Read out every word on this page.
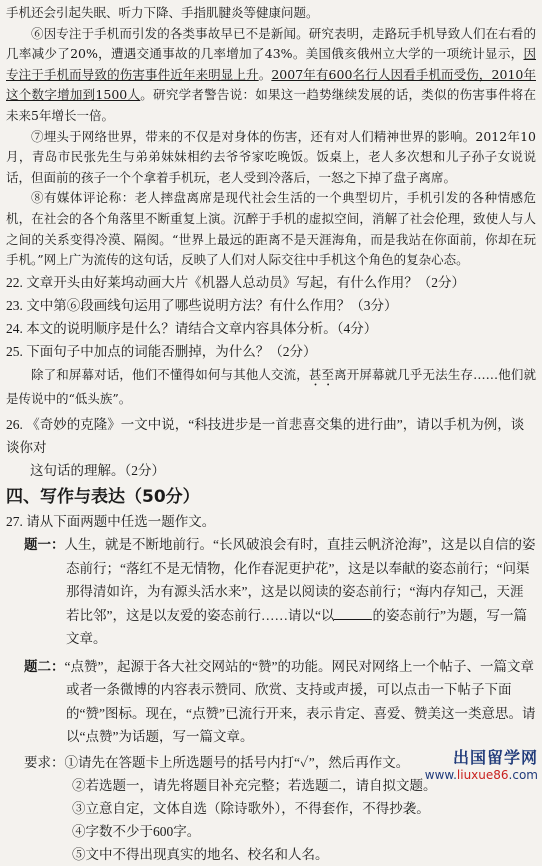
手机还会引起失眠、听力下降、手指肌腱炎等健康问题。

⑥因专注于手机而引发的各类事故早已不是新闻。研究表明，走路玩手机导致人们在右看的几率减少了20%，遭遇交通事故的几率增加了43%。美国俄亥俄州立大学的一项统计显示，因专注于手机而导致的伤害事件近年来明显上升。2007年有600名行人因看手机而受伤，2010年这个数字增加到1500人。研究学者警告说：如果这一趋势继续发展的话，类似的伤害事件将在未来5年增长一倍。

⑦埋头于网络世界，带来的不仅是对身体的伤害，还有对人们精神世界的影响。2012年10月，青岛市民张先生与弟弟妹妹相约去爷爷家吃晚饭。饭桌上，老人多次想和儿子孙子女说说话，但面前的孩子一个个拿着手机玩，老人受到冷落后，一怒之下掉了盘子离席。

⑧有媒体评论称：老人摔盘离席是现代社会生活的一个典型切片，手机引发的各种情感危机，在社会的各个角落里不断重复上演。沉醉于手机的虚拟空间，消解了社会伦理，致使人与人之间的关系变得冷漠、隔阂。“世界上最远的距离不是天涯海角，而是我站在你面前，你却在玩手机。”网上广为流传的这句话，反映了人们对人际交往中手机这个角色的复杂心态。

22. 文章开头由好莱坞动画大片《机器人总动员》写起，有什么作用？（2分）

23. 文中第⑥段画线句运用了哪些说明方法？有什么作用？（3分）

24. 本文的说明顺序是什么？请结合文章内容具体分析。（4分）

25. 下面句子中加点的词能否删掉，为什么？（2分）

除了和屏幕对话，他们不懂得如何与其他人交流，甚至离开屏幕就几乎无法生存……他们就是传说中的“低头族”。

26. 《奇妙的克隆》一文中说，“科技进步是一首悲喜交集的进行曲”，请以手机为例，谈谈你对
这句话的理解。（2分）

四、写作与表达（50分）

27. 请从下面两题中任选一题作文。

题一：人生，就是不断地前行。“长风破浪会有时，直挂云帆济沧海”，这是以自信的姿态前行；“落红不是无情物，化作春泥更护花”，这是以奉献的姿态前行；“问渠那得清如许，为有源头活水来”，这是以阅读的姿态前行；“海内存知己，天涯若比邻”，这是以友爱的姿态前行……请以“以	的姿态前行”为题，写一篇文章。

题二：“点赞”，起源于各大社交网站的“赞”的功能。网民对网络上一个帖子、一篇文章或者一条微博的内容表示赞同、欣赏、支持或声援，可以点击一下帖子下面的“赞”图标。现在，“点赞”已流行开来，表示肯定、喜爱、赞美这一类意思。请以“点赞”为话题，写一篇文章。

要求：①请先在答题卡上所选题号的括号内打“✓”，然后再作文。
②若选题一，请先将题目补充完整；若选题二，请自拟文题。
③立意自定，文体自选（除诗歌外），不得套作，不得抄袭。
④字数不少于600字。
⑤文中不得出现真实的地名、校名和人名。
出国留学网
www.liuxue86.com
